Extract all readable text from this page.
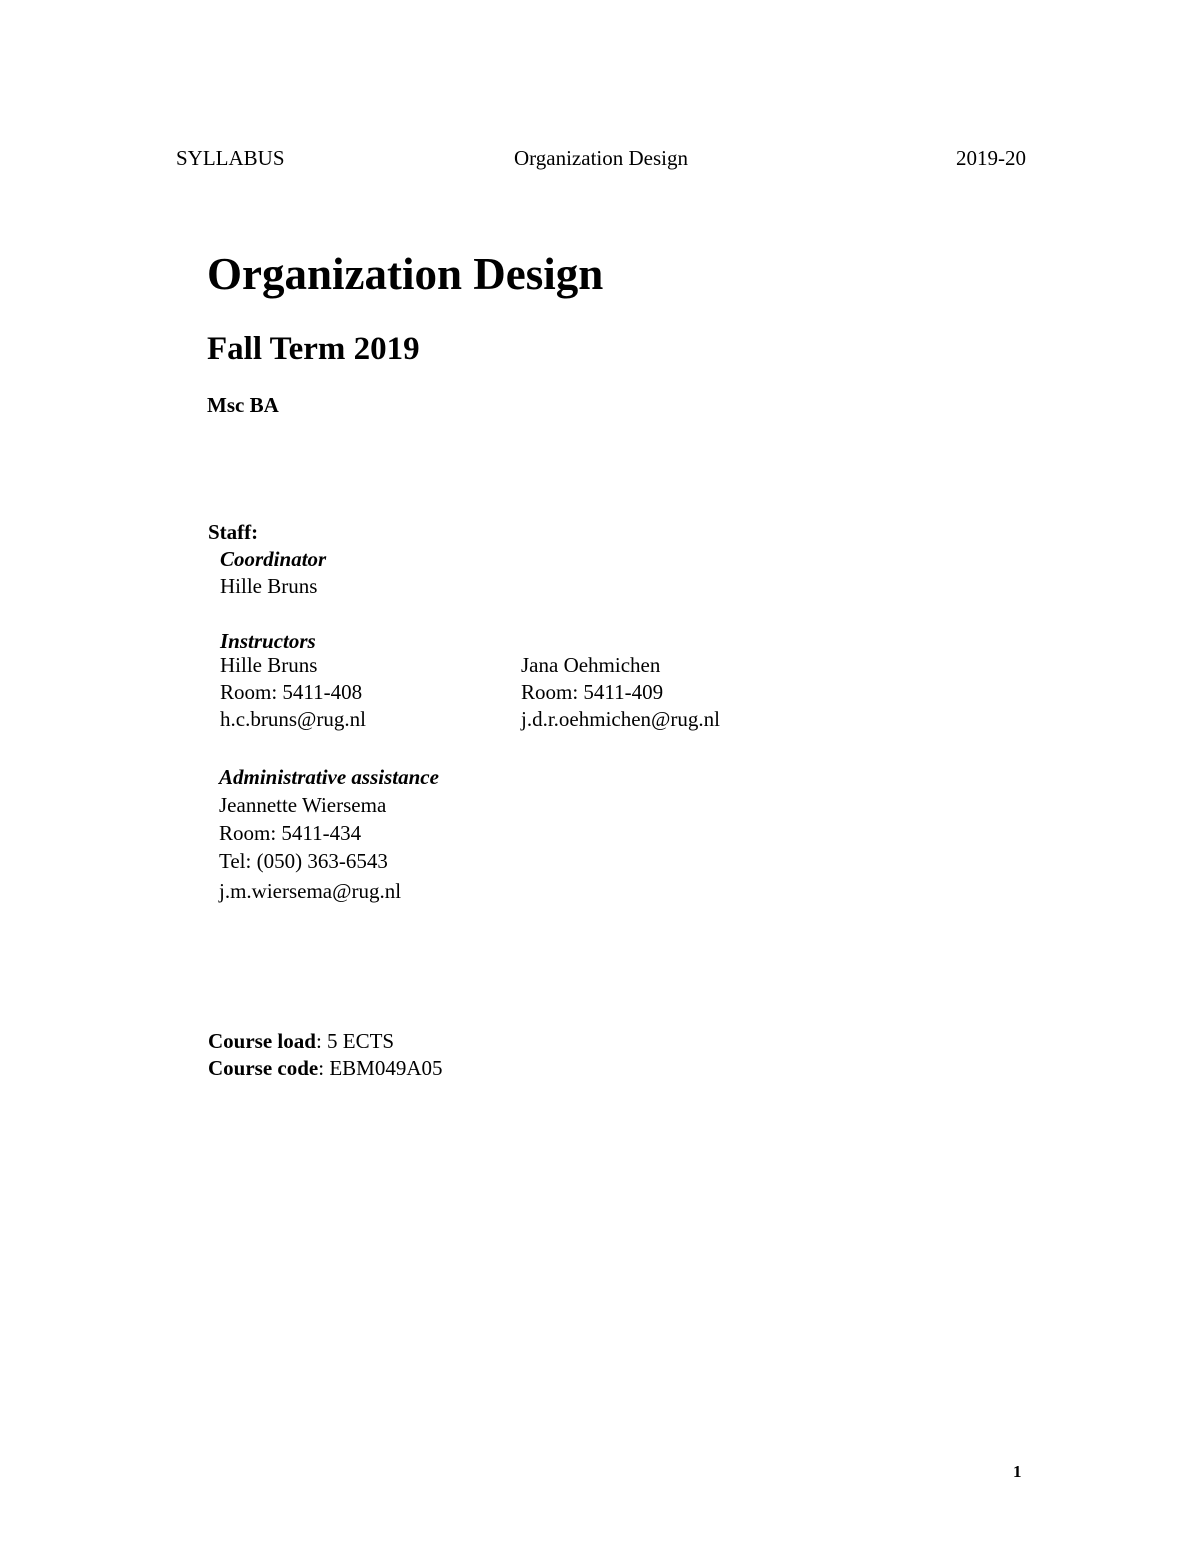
SYLLABUS	Organization Design	2019-20
Organization Design
Fall Term 2019
Msc BA
Staff:
Coordinator
Hille Bruns
Instructors
Hille Bruns
Room: 5411-408
h.c.bruns@rug.nl
Jana Oehmichen
Room: 5411-409
j.d.r.oehmichen@rug.nl
Administrative assistance
Jeannette Wiersema
Room: 5411-434
Tel: (050) 363-6543
j.m.wiersema@rug.nl
Course load: 5 ECTS
Course code: EBM049A05
1
